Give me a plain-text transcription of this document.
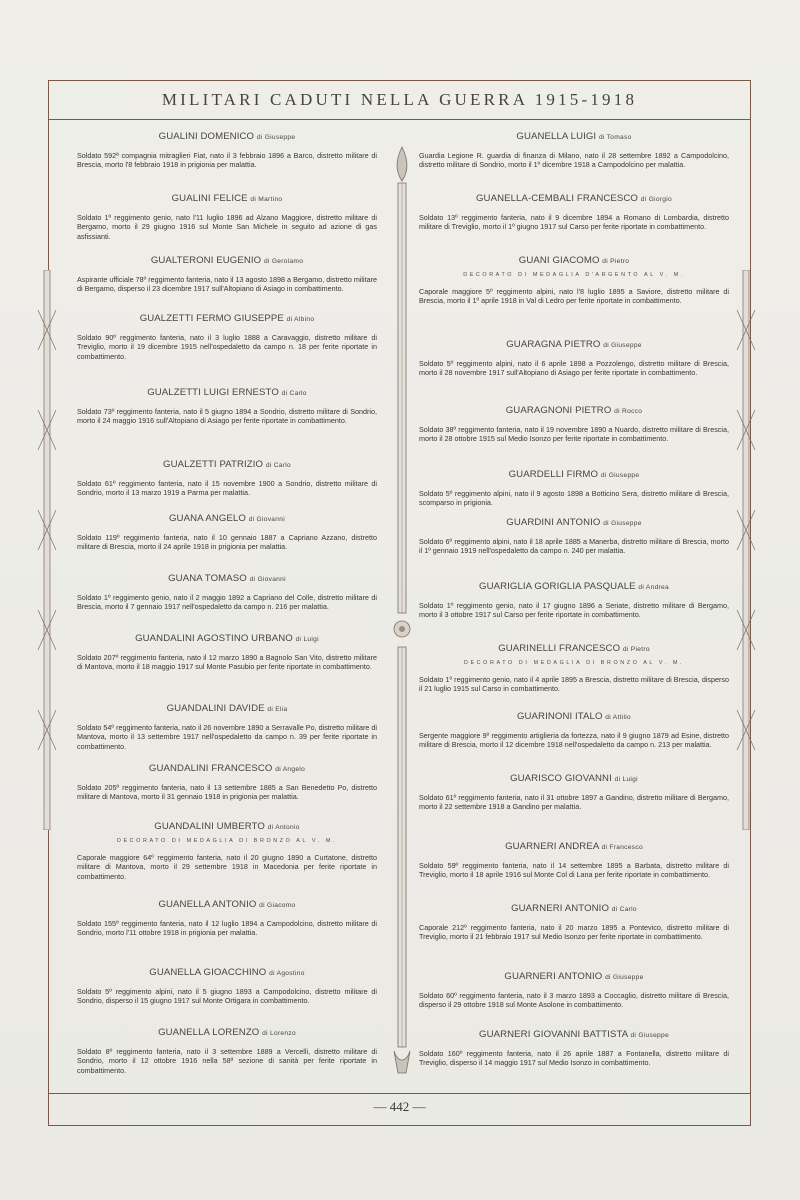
MILITARI CADUTI NELLA GUERRA 1915-1918
GUALINI DOMENICO di Giuseppe
Soldato 592ª compagnia mitraglieri Fiat, nato il 3 febbraio 1896 a Barco, distretto militare di Brescia, morto l'8 febbraio 1918 in prigionia per malattia.
GUALINI FELICE di Martino
Soldato 1º reggimento genio, nato l'11 luglio 1896 ad Alzano Maggiore, distretto militare di Bergamo, morto il 29 giugno 1916 sul Monte San Michele in seguito ad azione di gas asfissianti.
GUALTERONI EUGENIO di Gerolamo
Aspirante ufficiale 78º reggimento fanteria, nato il 13 agosto 1898 a Bergamo, distretto militare di Bergamo, disperso il 23 dicembre 1917 sull'Altopiano di Asiago in combattimento.
GUALZETTI FERMO GIUSEPPE di Albino
Soldato 90º reggimento fanteria, nato il 3 luglio 1888 a Caravaggio, distretto militare di Treviglio, morto il 19 dicembre 1915 nell'ospedaletto da campo n. 18 per ferite riportate in combattimento.
GUALZETTI LUIGI ERNESTO di Carlo
Soldato 73º reggimento fanteria, nato il 5 giugno 1894 a Sondrio, distretto militare di Sondrio, morto il 24 maggio 1916 sull'Altopiano di Asiago per ferite riportate in combattimento.
GUALZETTI PATRIZIO di Carlo
Soldato 61º reggimento fanteria, nato il 15 novembre 1900 a Sondrio, distretto militare di Sondrio, morto il 13 marzo 1919 a Parma per malattia.
GUANA ANGELO di Giovanni
Soldato 119º reggimento fanteria, nato il 10 gennaio 1887 a Capriano Azzano, distretto militare di Brescia, morto il 24 aprile 1918 in prigionia per malattia.
GUANA TOMASO di Giovanni
Soldato 1º reggimento genio, nato il 2 maggio 1892 a Capriano del Colle, distretto militare di Brescia, morto il 7 gennaio 1917 nell'ospedaletto da campo n. 216 per malattia.
GUANDALINI AGOSTINO URBANO di Luigi
Soldato 207º reggimento fanteria, nato il 12 marzo 1890 a Bagnolo San Vito, distretto militare di Mantova, morto il 18 maggio 1917 sul Monte Pasubio per ferite riportate in combattimento.
GUANDALINI DAVIDE di Elia
Soldato 54º reggimento fanteria, nato il 26 novembre 1890 a Serravalle Po, distretto militare di Mantova, morto il 13 settembre 1917 nell'ospedaletto da campo n. 39 per ferite riportate in combattimento.
GUANDALINI FRANCESCO di Angelo
Soldato 205º reggimento fanteria, nato il 13 settembre 1885 a San Benedetto Po, distretto militare di Mantova, morto il 31 gennaio 1918 in prigionia per malattia.
GUANDALINI UMBERTO di Antonio
DECORATO DI MEDAGLIA DI BRONZO AL V. M.
Caporale maggiore 64º reggimento fanteria, nato il 20 giugno 1890 a Curtatone, distretto militare di Mantova, morto il 29 settembre 1918 in Macedonia per ferite riportate in combattimento.
GUANELLA ANTONIO di Giacomo
Soldato 155º reggimento fanteria, nato il 12 luglio 1894 a Campodolcino, distretto militare di Sondrio, morto l'11 ottobre 1918 in prigionia per malattia.
GUANELLA GIOACCHINO di Agostino
Soldato 5º reggimento alpini, nato il 5 giugno 1893 a Campodolcino, distretto militare di Sondrio, disperso il 15 giugno 1917 sul Monte Ortigara in combattimento.
GUANELLA LORENZO di Lorenzo
Soldato 8º reggimento fanteria, nato il 3 settembre 1889 a Vercelli, distretto militare di Sondrio, morto il 12 ottobre 1916 nella 58ª sezione di sanità per ferite riportate in combattimento.
GUANELLA LUIGI di Tomaso
Guardia Legione R. guardia di finanza di Milano, nato il 28 settembre 1892 a Campodolcino, distretto militare di Sondrio, morto il 1º dicembre 1918 a Campodolcino per malattia.
GUANELLA-CEMBALI FRANCESCO di Giorgio
Soldato 13º reggimento fanteria, nato il 9 dicembre 1894 a Romano di Lombardia, distretto militare di Treviglio, morto il 1º giugno 1917 sul Carso per ferite riportate in combattimento.
GUANI GIACOMO di Pietro
DECORATO DI MEDAGLIA D'ARGENTO AL V. M.
Caporale maggiore 5º reggimento alpini, nato l'8 luglio 1895 a Saviore, distretto militare di Brescia, morto il 1º aprile 1918 in Val di Ledro per ferite riportate in combattimento.
GUARAGNA PIETRO di Giuseppe
Soldato 5º reggimento alpini, nato il 6 aprile 1898 a Pozzolengo, distretto militare di Brescia, morto il 28 novembre 1917 sull'Altopiano di Asiago per ferite riportate in combattimento.
GUARAGNONI PIETRO di Rocco
Soldato 38º reggimento fanteria, nato il 19 novembre 1890 a Nuardo, distretto militare di Brescia, morto il 28 ottobre 1915 sul Medio Isonzo per ferite riportate in combattimento.
GUARDELLI FIRMO di Giuseppe
Soldato 5º reggimento alpini, nato il 9 agosto 1898 a Botticino Sera, distretto militare di Brescia, scomparso in prigionia.
GUARDINI ANTONIO di Giuseppe
Soldato 6º reggimento alpini, nato il 18 aprile 1885 a Manerba, distretto militare di Brescia, morto il 1º gennaio 1919 nell'ospedaletto da campo n. 240 per malattia.
GUARIGLIA GORIGLIA PASQUALE di Andrea
Soldato 1º reggimento genio, nato il 17 giugno 1896 a Seriate, distretto militare di Bergamo, morto il 3 ottobre 1917 sul Carso per ferite riportate in combattimento.
GUARINELLI FRANCESCO di Pietro
DECORATO DI MEDAGLIA DI BRONZO AL V. M.
Soldato 1º reggimento genio, nato il 4 aprile 1895 a Brescia, distretto militare di Brescia, disperso il 21 luglio 1915 sul Carso in combattimento.
GUARINONI ITALO di Attilio
Sergente maggiore 9º reggimento artiglieria da fortezza, nato il 9 giugno 1879 ad Esine, distretto militare di Brescia, morto il 12 dicembre 1918 nell'ospedaletto da campo n. 213 per malattia.
GUARISCO GIOVANNI di Luigi
Soldato 61º reggimento fanteria, nato il 31 ottobre 1897 a Gandino, distretto militare di Bergamo, morto il 22 settembre 1918 a Gandino per malattia.
GUARNERI ANDREA di Francesco
Soldato 59º reggimento fanteria, nato il 14 settembre 1895 a Barbata, distretto militare di Treviglio, morto il 18 aprile 1916 sul Monte Col di Lana per ferite riportate in combattimento.
GUARNERI ANTONIO di Carlo
Caporale 212º reggimento fanteria, nato il 20 marzo 1895 a Pontevico, distretto militare di Treviglio, morto il 21 febbraio 1917 sul Medio Isonzo per ferite riportate in combattimento.
GUARNERI ANTONIO di Giuseppe
Soldato 60º reggimento fanteria, nato il 3 marzo 1893 a Coccaglio, distretto militare di Brescia, disperso il 29 ottobre 1918 sul Monte Asolone in combattimento.
GUARNERI GIOVANNI BATTISTA di Giuseppe
Soldato 160º reggimento fanteria, nato il 26 aprile 1887 a Fontanella, distretto militare di Treviglio, disperso il 14 maggio 1917 sul Medio Isonzo in combattimento.
— 442 —
